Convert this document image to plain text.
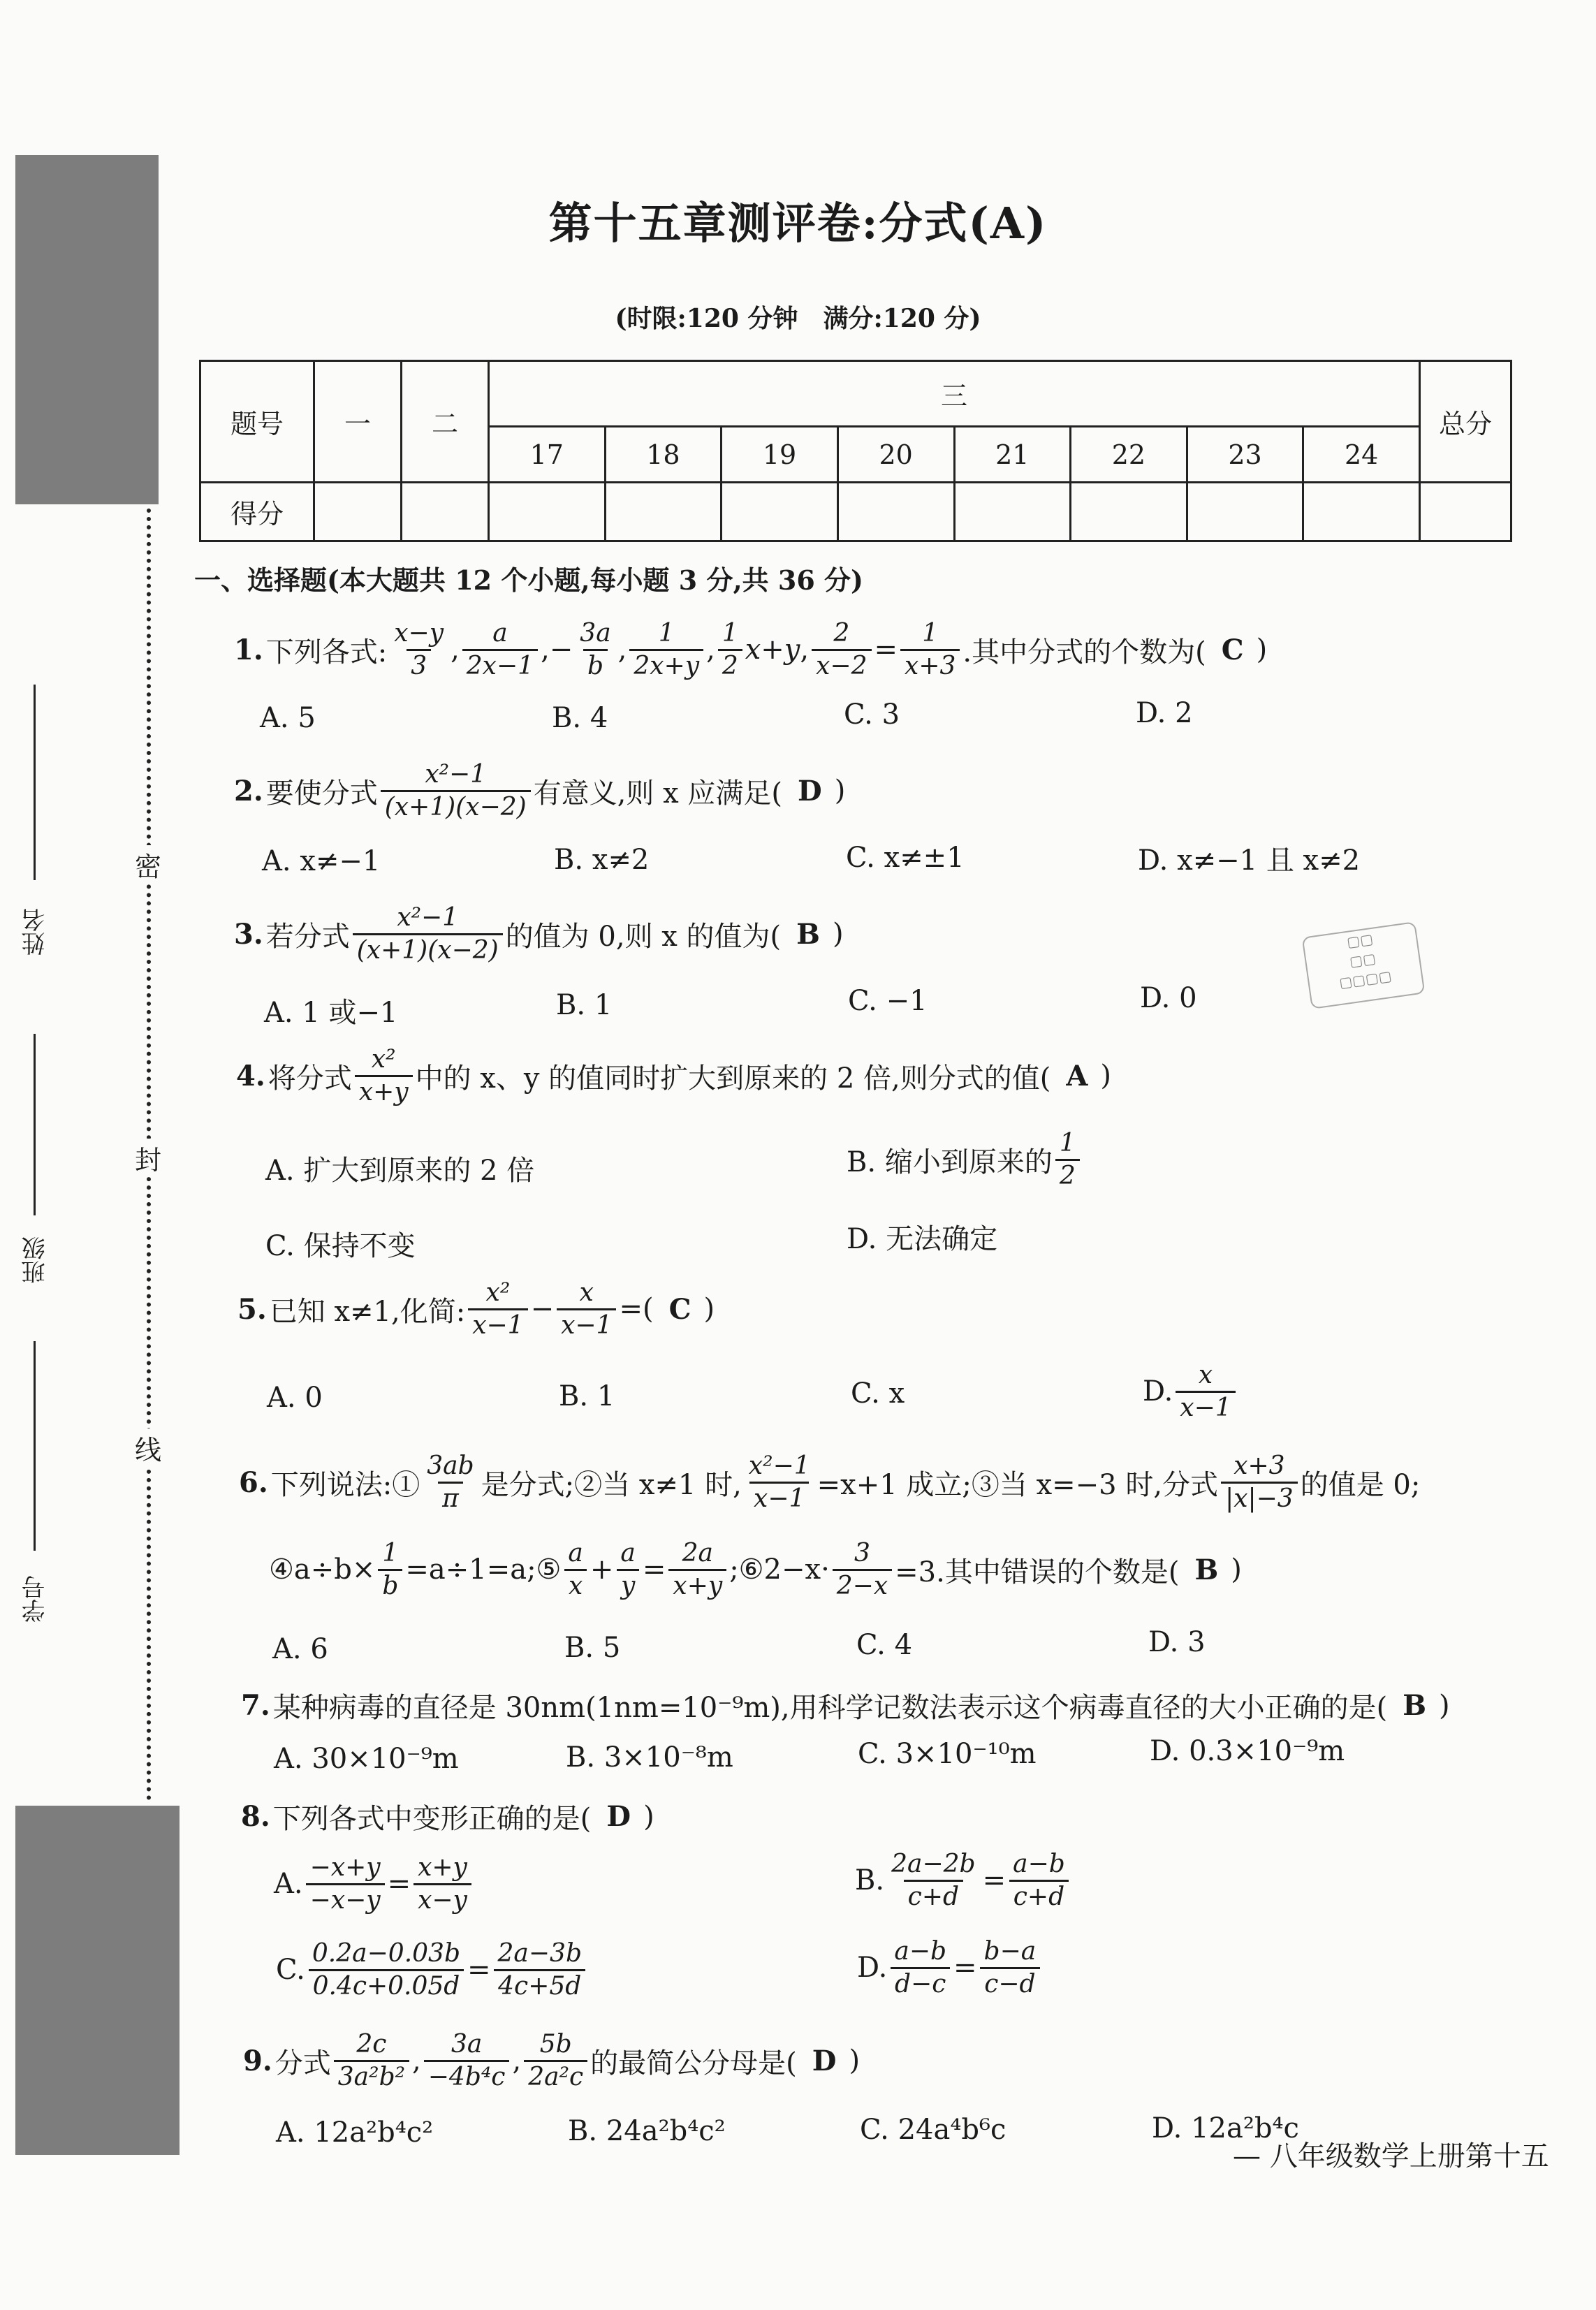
密
封
线
姓名
班级
学号
第十五章测评卷:分式(A)
(时限:120 分钟　满分:120 分)
题号	一	二	三								总分
			17	18	19	20	21	22	23	24	
得分											
一、选择题(本大题共 12 个小题,每小题 3 分,共 36 分)
1. 下列各式: $\frac{x-y}{3}$ , $\frac{a}{2x-1}$ , − $\frac{3a}{b}$ , $\frac{1}{2x+y}$ , $\frac{1}{2} x+y$ , $\frac{2}{x-2} = \frac{1}{x+3}$ .其中分式的个数为( C )
A. 5	B. 4	C. 3	D. 2
2. 要使分式 $\frac{\text{x²−1}}{(x+1)(x-2)}$ 有意义,则 x 应满足( D )
A. x≠−1	B. x≠2	C. x≠±1	D. x≠−1 且 x≠2
3. 若分式 $\frac{\text{x²−1}}{(x+1)(x-2)}$ 的值为 0,则 x 的值为( B )	▢▢
▢▢
▢▢▢▢
A. 1 或−1	B. 1	C. −1	D. 0
4. 将分式 $\frac{\text{x²}}{x+y}$ 中的 x、y 的值同时扩大到原来的 2 倍,则分式的值( A )
A. 扩大到原来的 2 倍	B. 缩小到原来的 $\frac{1}{2}$
C. 保持不变	D. 无法确定
5. 已知 x≠1,化简: $\frac{\text{x²}}{x-1} - \frac{x}{x-1}$ =( C )
A. 0	B. 1	C. x	D. $\frac{x}{x-1}$
6. 下列说法:① $\frac{3ab}{\pi}$ 是分式;②当 x≠1 时, $\frac{\text{x²−1}}{x-1} =x+1$ 成立;③当 x=−3 时,分式 $\frac{x+3}{|x|-3}$ 的值是 0;
④a÷b× $\frac{1}{b}$ =a÷1=a;⑤ $\frac{a}{x} + \frac{a}{y} = \frac{2a}{x+y}$ ;⑥2−x· $\frac{3}{2-x} =3$.其中错误的个数是( B )
A. 6	B. 5	C. 4	D. 3
7. 某种病毒的直径是 30nm(1nm=10⁻⁹m),用科学记数法表示这个病毒直径的大小正确的是( B )
A. 30×10⁻⁹m	B. 3×10⁻⁸m	C. 3×10⁻¹⁰m	D. 0.3×10⁻⁹m
8. 下列各式中变形正确的是( D )
A. $\frac{-x+y}{-x-y} = \frac{x+y}{x-y}$	B. $\frac{2a-2b}{c+d} = \frac{a-b}{c+d}$
C. $\frac{0.2a-0.03b}{0.4c+0.05d} = \frac{2a-3b}{4c+5d}$	D. $\frac{a-b}{d-c} = \frac{b-a}{c-d}$
9. 分式 $\frac{2c}{\text{3a²b²}}$ , $\frac{3a}{\text{−4b⁴c}}$ , $\frac{5b}{\text{2a²c}}$ 的最简公分母是( D )
A. 12a²b⁴c²	B. 24a²b⁴c²	C. 24a⁴b⁶c	D. 12a²b⁴c
— 八年级数学上册第十五
